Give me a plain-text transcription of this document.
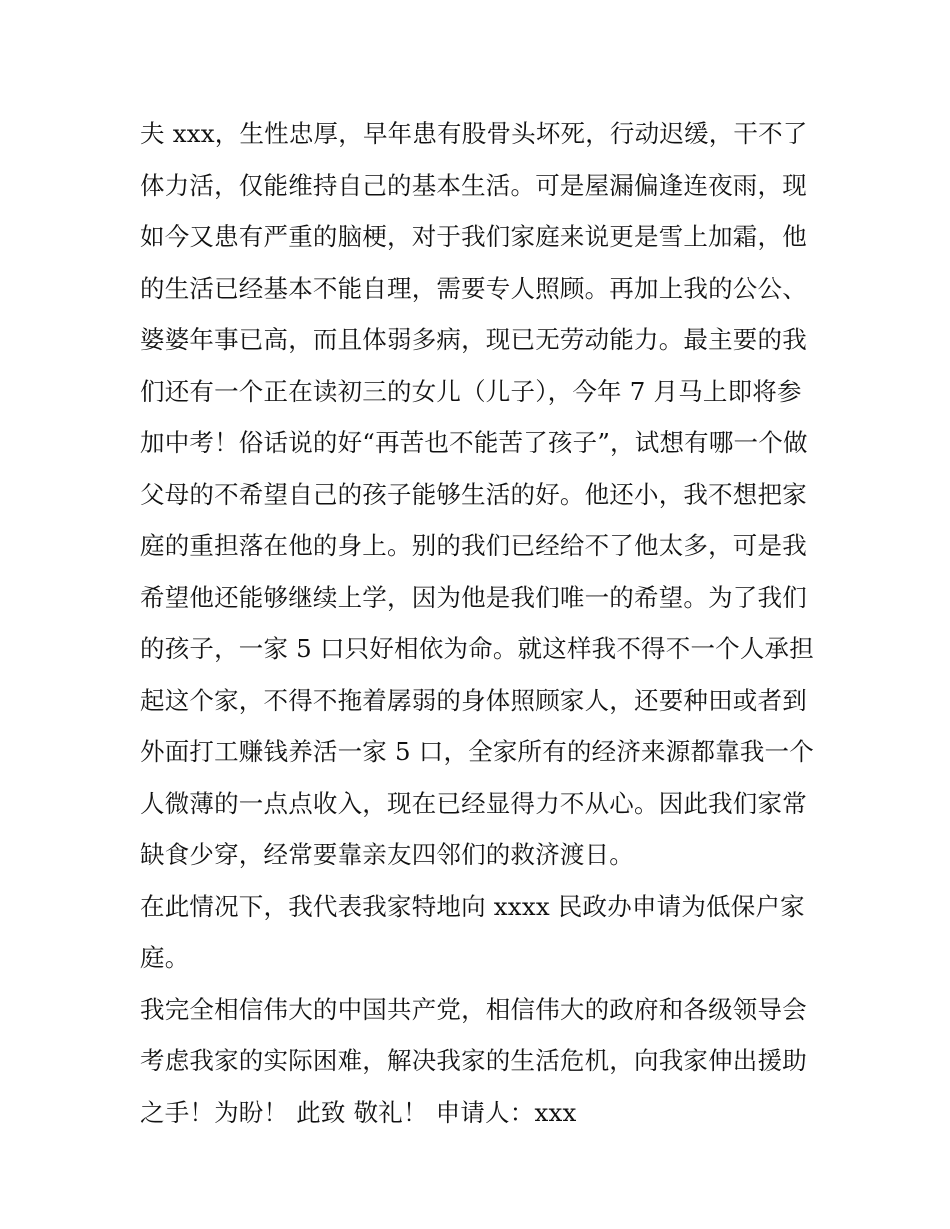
夫 xxx，生性忠厚，早年患有股骨头坏死，行动迟缓，干不了
体力活，仅能维持自己的基本生活。可是屋漏偏逢连夜雨，现
如今又患有严重的脑梗，对于我们家庭来说更是雪上加霜，他
的生活已经基本不能自理，需要专人照顾。再加上我的公公、
婆婆年事已高，而且体弱多病，现已无劳动能力。最主要的我
们还有一个正在读初三的女儿（儿子），今年 7 月马上即将参
加中考！俗话说的好“再苦也不能苦了孩子”，试想有哪一个做
父母的不希望自己的孩子能够生活的好。他还小，我不想把家
庭的重担落在他的身上。别的我们已经给不了他太多，可是我
希望他还能够继续上学，因为他是我们唯一的希望。为了我们
的孩子，一家 5 口只好相依为命。就这样我不得不一个人承担
起这个家，不得不拖着孱弱的身体照顾家人，还要种田或者到
外面打工赚钱养活一家 5 口，全家所有的经济来源都靠我一个
人微薄的一点点收入，现在已经显得力不从心。因此我们家常
缺食少穿，经常要靠亲友四邻们的救济渡日。
在此情况下，我代表我家特地向 xxxx 民政办申请为低保户家
庭。
我完全相信伟大的中国共产党，相信伟大的政府和各级领导会
考虑我家的实际困难，解决我家的生活危机，向我家伸出援助
之手！为盼！ 此致 敬礼！ 申请人：xxx
